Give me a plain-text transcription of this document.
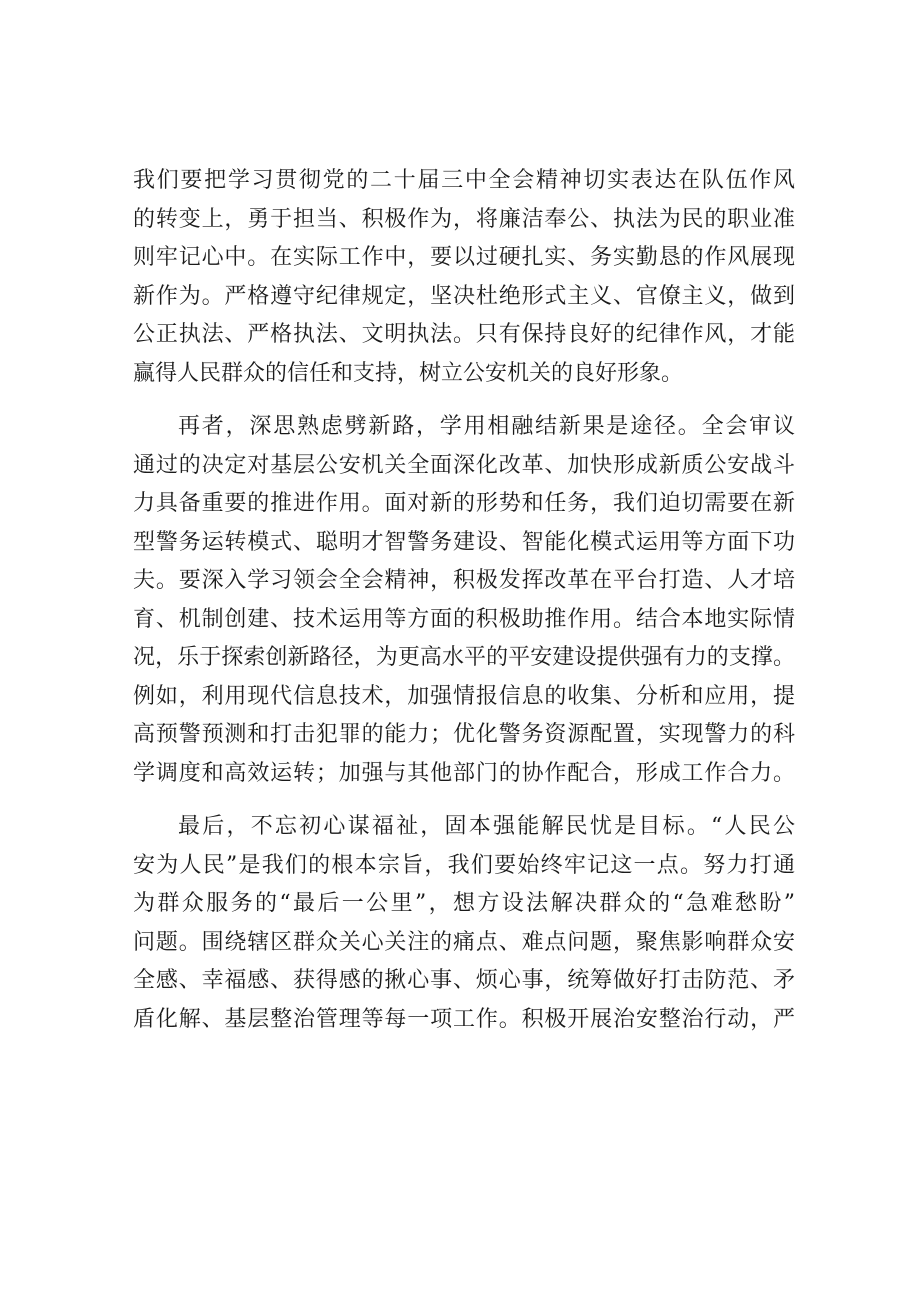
我们要把学习贯彻党的二十届三中全会精神切实表达在队伍作风
的转变上，勇于担当、积极作为，将廉洁奉公、执法为民的职业准
则牢记心中。在实际工作中，要以过硬扎实、务实勤恳的作风展现
新作为。严格遵守纪律规定，坚决杜绝形式主义、官僚主义，做到
公正执法、严格执法、文明执法。只有保持良好的纪律作风，才能
赢得人民群众的信任和支持，树立公安机关的良好形象。
再者，深思熟虑劈新路，学用相融结新果是途径。全会审议
通过的决定对基层公安机关全面深化改革、加快形成新质公安战斗
力具备重要的推进作用。面对新的形势和任务，我们迫切需要在新
型警务运转模式、聪明才智警务建设、智能化模式运用等方面下功
夫。要深入学习领会全会精神，积极发挥改革在平台打造、人才培
育、机制创建、技术运用等方面的积极助推作用。结合本地实际情
况，乐于探索创新路径，为更高水平的平安建设提供强有力的支撑。
例如，利用现代信息技术，加强情报信息的收集、分析和应用，提
高预警预测和打击犯罪的能力；优化警务资源配置，实现警力的科
学调度和高效运转；加强与其他部门的协作配合，形成工作合力。
最后，不忘初心谋福祉，固本强能解民忧是目标。“人民公
安为人民”是我们的根本宗旨，我们要始终牢记这一点。努力打通
为群众服务的“最后一公里”，想方设法解决群众的“急难愁盼”
问题。围绕辖区群众关心关注的痛点、难点问题，聚焦影响群众安
全感、幸福感、获得感的揪心事、烦心事，统筹做好打击防范、矛
盾化解、基层整治管理等每一项工作。积极开展治安整治行动，严
